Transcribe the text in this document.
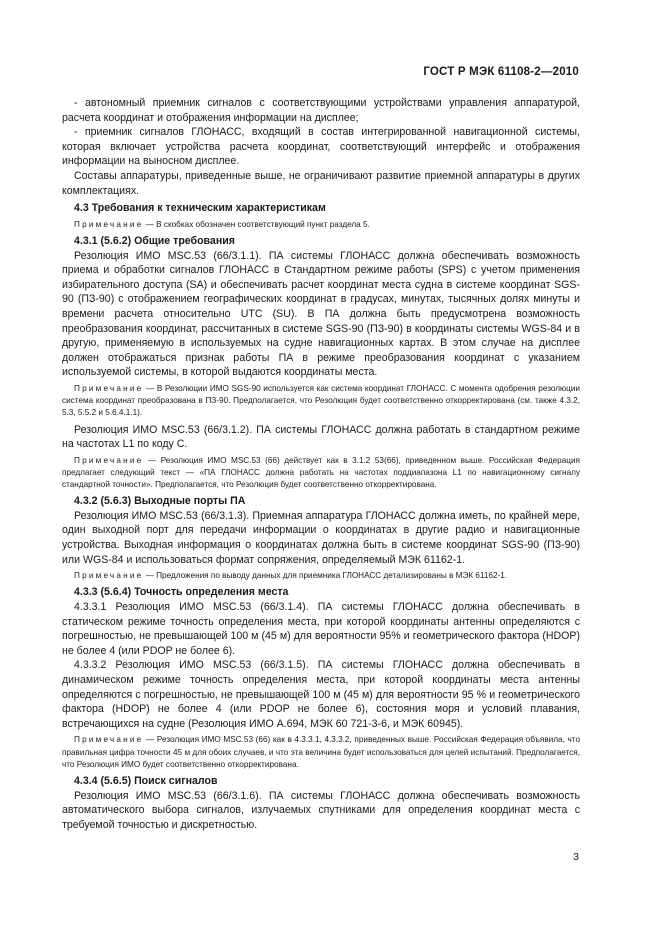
ГОСТ Р МЭК 61108-2—2010

- автономный приемник сигналов с соответствующими устройствами управления аппаратурой, расчета координат и отображения информации на дисплее;

- приемник сигналов ГЛОНАСС, входящий в состав интегрированной навигационной системы, которая включает устройства расчета координат, соответствующий интерфейс и отображения информации на выносном дисплее.

Составы аппаратуры, приведенные выше, не ограничивают развитие приемной аппаратуры в других комплектациях.

4.3 Требования к техническим характеристикам

Примечание — В скобках обозначен соответствующий пункт раздела 5.

4.3.1 (5.6.2) Общие требования

Резолюция ИМО MSC.53 (66/3.1.1). ПА системы ГЛОНАСС должна обеспечивать возможность приема и обработки сигналов ГЛОНАСС в Стандартном режиме работы (SPS) с учетом применения избирательного доступа (SA) и обеспечивать расчет координат места судна в системе координат SGS-90 (ПЗ-90) с отображением географических координат в градусах, минутах, тысячных долях минуты и времени расчета относительно UTC (SU). В ПА должна быть предусмотрена возможность преобразования координат, рассчитанных в системе SGS-90 (ПЗ-90) в координаты системы WGS-84 и в другую, применяемую в используемых на судне навигационных картах. В этом случае на дисплее должен отображаться признак работы ПА в режиме преобразования координат с указанием используемой системы, в которой выдаются координаты места.

Примечание — В Резолюции ИМО SGS-90 используется как система координат ГЛОНАСС. С момента одобрения резолюции система координат преобразована в ПЗ-90. Предполагается, что Резолюция будет соответственно откорректирована (см. также 4.3.2, 5.3, 5.5.2 и 5.6.4.1.1).

Резолюция ИМО MSC.53 (66/3.1.2). ПА системы ГЛОНАСС должна работать в стандартном режиме на частотах L1 по коду C.

Примечание — Резолюция ИМО MSC.53 (66) действует как в 3.1.2 53(66), приведенном выше. Российская Федерация предлагает следующий текст — «ПА ГЛОНАСС должна работать на частотах поддиапазона L1 по навигационному сигналу стандартной точности». Предполагается, что Резолюция будет соответственно откорректирована.

4.3.2 (5.6.3) Выходные порты ПА

Резолюция ИМО MSC.53 (66/3.1.3). Приемная аппаратура ГЛОНАСС должна иметь, по крайней мере, один выходной порт для передачи информации о координатах в другие радио и навигационные устройства. Выходная информация о координатах должна быть в системе координат SGS-90 (ПЗ-90) или WGS-84 и использоваться формат сопряжения, определяемый МЭК 61162-1.

Примечание — Предложения по выводу данных для приемника ГЛОНАСС детализированы в МЭК 61162-1.

4.3.3 (5.6.4) Точность определения места

4.3.3.1 Резолюция ИМО MSC.53 (66/3.1.4). ПА системы ГЛОНАСС должна обеспечивать в статическом режиме точность определения места, при которой координаты антенны определяются с погрешностью, не превышающей 100 м (45 м) для вероятности 95% и геометрического фактора (HDOP) не более 4 (или PDOP не более 6).

4.3.3.2 Резолюция ИМО MSC.53 (66/3.1.5). ПА системы ГЛОНАСС должна обеспечивать в динамическом режиме точность определения места, при которой координаты места антенны определяются с погрешностью, не превышающей 100 м (45 м) для вероятности 95 % и геометрического фактора (HDOP) не более 4 (или PDOP не более 6), состояния моря и условий плавания, встречающихся на судне (Резолюция ИМО А.694, МЭК 60 721-3-6, и МЭК 60945).

Примечание — Резолюция ИМО MSC.53 (66) как в 4.3.3.1, 4.3.3.2, приведенных выше. Российская Федерация объявила, что правильная цифра точности 45 м для обоих случаев, и что эта величина будет использоваться для целей испытаний. Предполагается, что Резолюция ИМО будет соответственно откорректирована.

4.3.4 (5.6.5) Поиск сигналов

Резолюция ИМО MSC.53 (66/3.1.6). ПА системы ГЛОНАСС должна обеспечивать возможность автоматического выбора сигналов, излучаемых спутниками для определения координат места с требуемой точностью и дискретностью.

3
